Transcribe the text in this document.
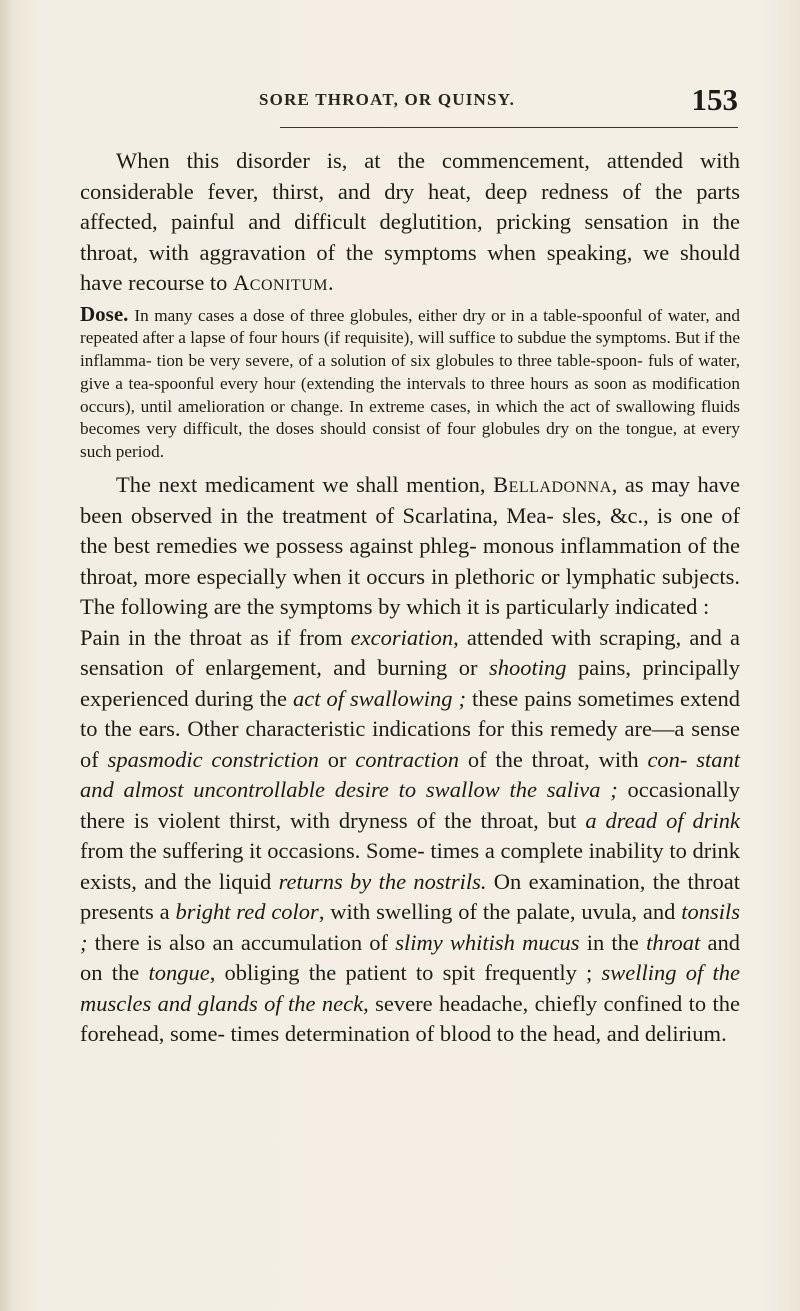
SORE THROAT, OR QUINSY.	153

When this disorder is, at the commencement, attended with considerable fever, thirst, and dry heat, deep redness of the parts affected, painful and difficult deglutition, pricking sensation in the throat, with aggravation of the symptoms when speaking, we should have recourse to Aconitum.

Dose. In many cases a dose of three globules, either dry or in a table-spoonful of water, and repeated after a lapse of four hours (if requisite), will suffice to subdue the symptoms. But if the inflamma- tion be very severe, of a solution of six globules to three table-spoon- fuls of water, give a tea-spoonful every hour (extending the intervals to three hours as soon as modification occurs), until amelioration or change. In extreme cases, in which the act of swallowing fluids becomes very difficult, the doses should consist of four globules dry on the tongue, at every such period.

The next medicament we shall mention, Belladonna, as may have been observed in the treatment of Scarlatina, Mea- sles, &c., is one of the best remedies we possess against phleg- monous inflammation of the throat, more especially when it occurs in plethoric or lymphatic subjects. The following are the symptoms by which it is particularly indicated :

Pain in the throat as if from excoriation, attended with scraping, and a sensation of enlargement, and burning or shooting pains, principally experienced during the act of swallowing ; these pains sometimes extend to the ears. Other characteristic indications for this remedy are—a sense of spasmodic constriction or contraction of the throat, with con- stant and almost uncontrollable desire to swallow the saliva ; occasionally there is violent thirst, with dryness of the throat, but a dread of drink from the suffering it occasions. Some- times a complete inability to drink exists, and the liquid returns by the nostrils. On examination, the throat presents a bright red color, with swelling of the palate, uvula, and tonsils ; there is also an accumulation of slimy whitish mucus in the throat and on the tongue, obliging the patient to spit frequently ; swelling of the muscles and glands of the neck, severe headache, chiefly confined to the forehead, some- times determination of blood to the head, and delirium.
